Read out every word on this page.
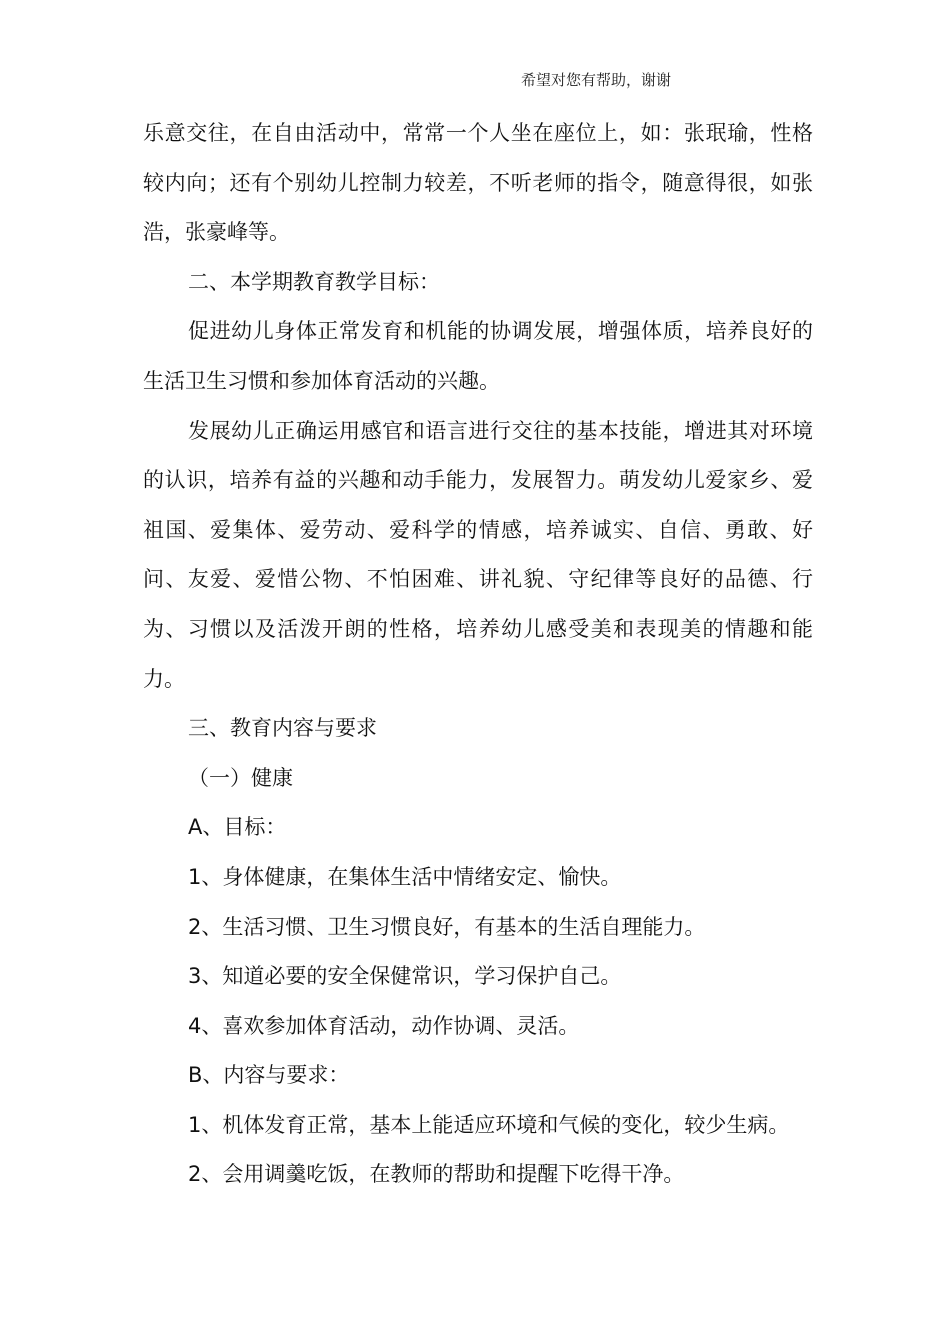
希望对您有帮助，谢谢

乐意交往，在自由活动中，常常一个人坐在座位上，如：张珉瑜，性格较内向；还有个别幼儿控制力较差，不听老师的指令，随意得很，如张浩，张豪峰等。

二、本学期教育教学目标：

促进幼儿身体正常发育和机能的协调发展，增强体质，培养良好的生活卫生习惯和参加体育活动的兴趣。

发展幼儿正确运用感官和语言进行交往的基本技能，增进其对环境的认识，培养有益的兴趣和动手能力，发展智力。萌发幼儿爱家乡、爱祖国、爱集体、爱劳动、爱科学的情感，培养诚实、自信、勇敢、好问、友爱、爱惜公物、不怕困难、讲礼貌、守纪律等良好的品德、行为、习惯以及活泼开朗的性格，培养幼儿感受美和表现美的情趣和能力。

三、教育内容与要求

（一）健康

A、目标：

1、身体健康，在集体生活中情绪安定、愉快。

2、生活习惯、卫生习惯良好，有基本的生活自理能力。

3、知道必要的安全保健常识，学习保护自己。

4、喜欢参加体育活动，动作协调、灵活。

B、内容与要求：

1、机体发育正常，基本上能适应环境和气候的变化，较少生病。

2、会用调羹吃饭，在教师的帮助和提醒下吃得干净。
